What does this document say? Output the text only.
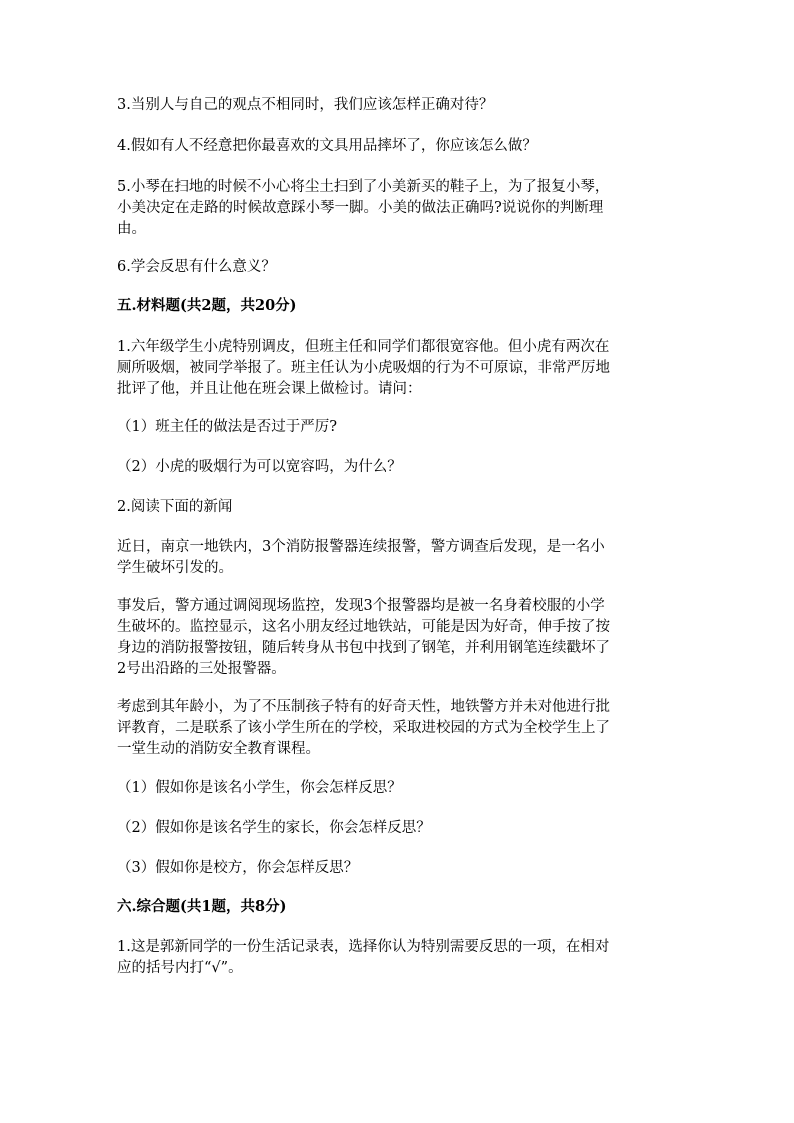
3.当别人与自己的观点不相同时，我们应该怎样正确对待？
4.假如有人不经意把你最喜欢的文具用品摔坏了，你应该怎么做？
5.小琴在扫地的时候不小心将尘土扫到了小美新买的鞋子上，为了报复小琴，
小美决定在走路的时候故意踩小琴一脚。小美的做法正确吗?说说你的判断理
由。
6.学会反思有什么意义？
五.材料题(共2题，共20分)
1.六年级学生小虎特别调皮，但班主任和同学们都很宽容他。但小虎有两次在
厕所吸烟，被同学举报了。班主任认为小虎吸烟的行为不可原谅，非常严厉地
批评了他，并且让他在班会课上做检讨。请问：
（1）班主任的做法是否过于严厉?
（2）小虎的吸烟行为可以宽容吗，为什么？
2.阅读下面的新闻
近日，南京一地铁内，3个消防报警器连续报警，警方调查后发现，是一名小
学生破坏引发的。
事发后，警方通过调阅现场监控，发现3个报警器均是被一名身着校服的小学
生破坏的。监控显示，这名小朋友经过地铁站，可能是因为好奇，伸手按了按
身边的消防报警按钮，随后转身从书包中找到了钢笔，并利用钢笔连续戳坏了
2号出沿路的三处报警器。
考虑到其年龄小，为了不压制孩子特有的好奇天性，地铁警方并未对他进行批
评教育，二是联系了该小学生所在的学校，采取进校园的方式为全校学生上了
一堂生动的消防安全教育课程。
（1）假如你是该名小学生，你会怎样反思？
（2）假如你是该名学生的家长，你会怎样反思？
（3）假如你是校方，你会怎样反思？
六.综合题(共1题，共8分)
1.这是郭新同学的一份生活记录表，选择你认为特别需要反思的一项，在相对
应的括号内打“√”。
